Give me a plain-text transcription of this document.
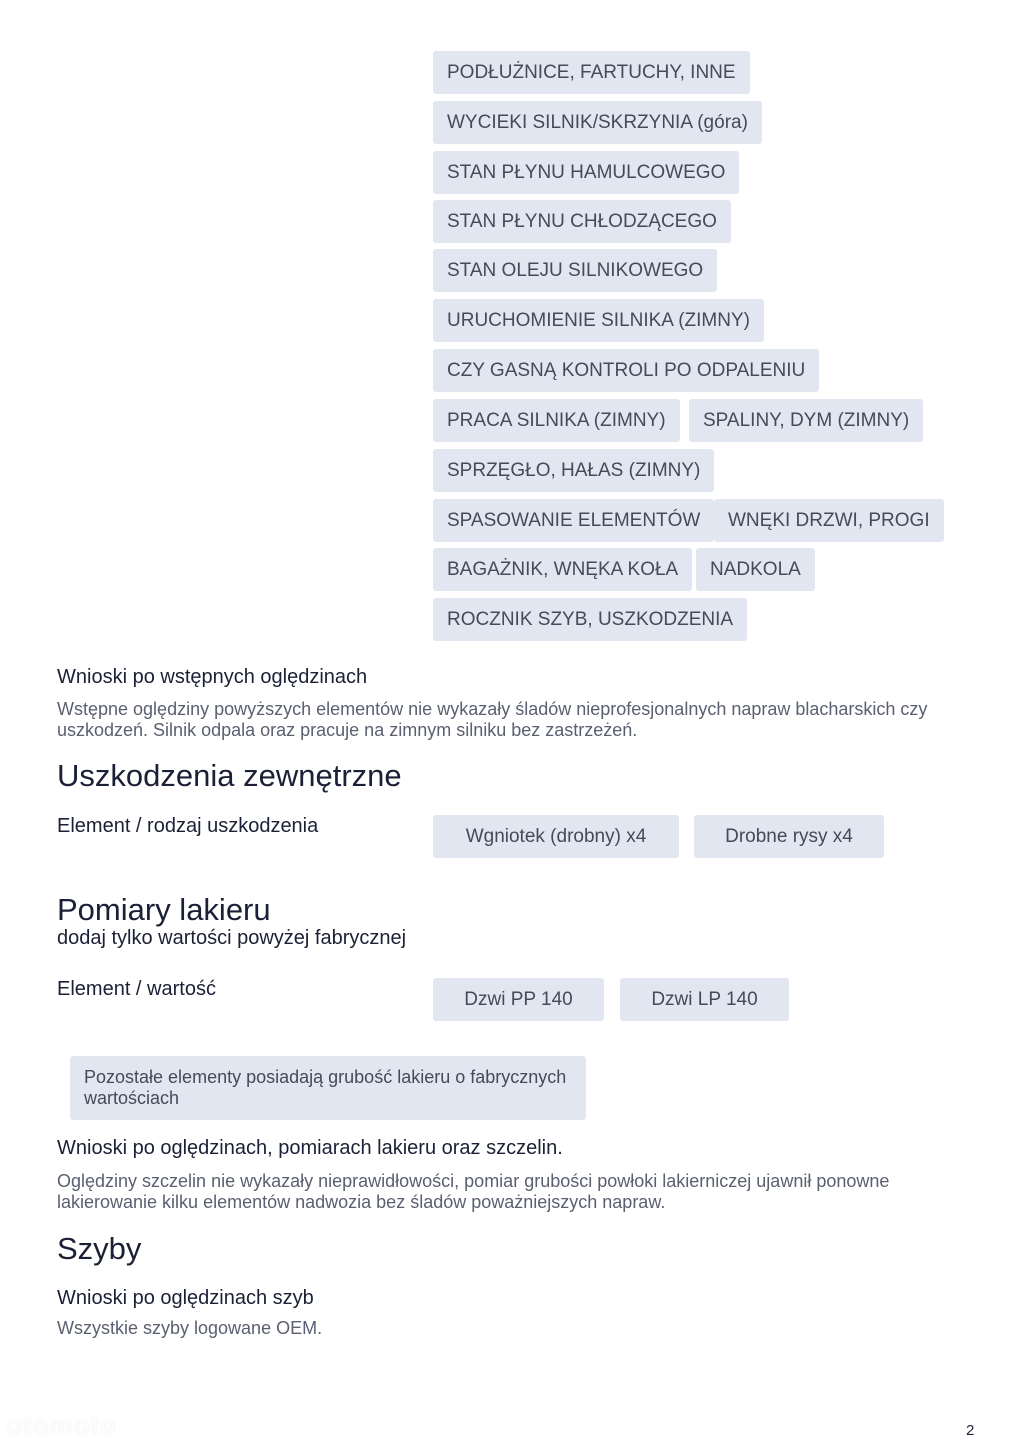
PODŁUŻNICE, FARTUCHY, INNE
WYCIEKI SILNIK/SKRZYNIA (góra)
STAN PŁYNU HAMULCOWEGO
STAN PŁYNU CHŁODZĄCEGO
STAN OLEJU SILNIKOWEGO
URUCHOMIENIE SILNIKA (ZIMNY)
CZY GASNĄ KONTROLI PO ODPALENIU
PRACA SILNIKA (ZIMNY)	SPALINY, DYM (ZIMNY)
SPRZĘGŁO, HAŁAS (ZIMNY)
SPASOWANIE ELEMENTÓW	WNĘKI DRZWI, PROGI
BAGAŻNIK, WNĘKA KOŁA	NADKOLA
ROCZNIK SZYB, USZKODZENIA
Wnioski po wstępnych oględzinach
Wstępne oględziny powyższych elementów nie wykazały śladów nieprofesjonalnych napraw blacharskich czy uszkodzeń. Silnik odpala oraz pracuje na zimnym silniku bez zastrzeżeń.
Uszkodzenia zewnętrzne
Element / rodzaj uszkodzenia	Wgniotek (drobny) x4	Drobne rysy x4
Pomiary lakieru
dodaj tylko wartości powyżej fabrycznej
Element / wartość	Dzwi PP 140	Dzwi LP 140
Pozostałe elementy posiadają grubość lakieru o fabrycznych wartościach
Wnioski po oględzinach, pomiarach lakieru oraz szczelin.
Oględziny szczelin nie wykazały nieprawidłowości, pomiar grubości powłoki lakierniczej ujawnił ponowne lakierowanie kilku elementów nadwozia bez śladów poważniejszych napraw.
Szyby
Wnioski po oględzinach szyb
Wszystkie szyby logowane OEM.
otomoto	2
